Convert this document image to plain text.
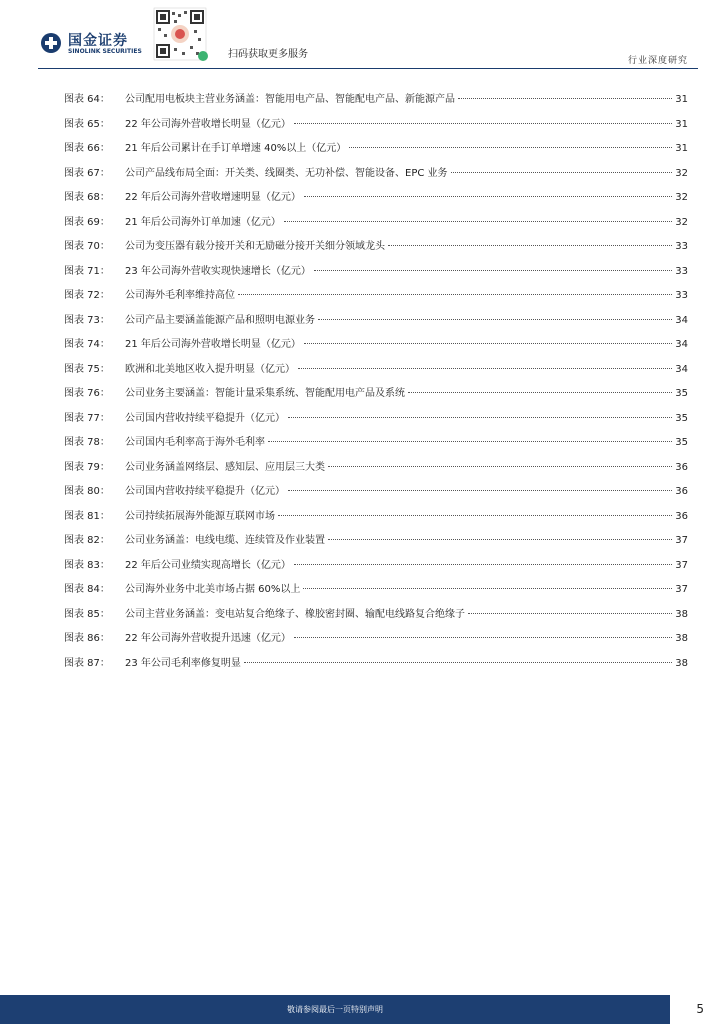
国金证券
SINOLINK SECURITIES	扫码获取更多服务
行业深度研究
图表 64：	公司配用电板块主营业务涵盖：智能用电产品、智能配电产品、新能源产品	31
图表 65：	22 年公司海外营收增长明显（亿元）	31
图表 66：	21 年后公司累计在手订单增速 40%以上（亿元）	31
图表 67：	公司产品线布局全面：开关类、线圈类、无功补偿、智能设备、EPC 业务	32
图表 68：	22 年后公司海外营收增速明显（亿元）	32
图表 69：	21 年后公司海外订单加速（亿元）	32
图表 70：	公司为变压器有载分接开关和无励磁分接开关细分领域龙头	33
图表 71：	23 年公司海外营收实现快速增长（亿元）	33
图表 72：	公司海外毛利率维持高位	33
图表 73：	公司产品主要涵盖能源产品和照明电源业务	34
图表 74：	21 年后公司海外营收增长明显（亿元）	34
图表 75：	欧洲和北美地区收入提升明显（亿元）	34
图表 76：	公司业务主要涵盖：智能计量采集系统、智能配用电产品及系统	35
图表 77：	公司国内营收持续平稳提升（亿元）	35
图表 78：	公司国内毛利率高于海外毛利率	35
图表 79：	公司业务涵盖网络层、感知层、应用层三大类	36
图表 80：	公司国内营收持续平稳提升（亿元）	36
图表 81：	公司持续拓展海外能源互联网市场	36
图表 82：	公司业务涵盖：电线电缆、连续管及作业装置	37
图表 83：	22 年后公司业绩实现高增长（亿元）	37
图表 84：	公司海外业务中北美市场占据 60%以上	37
图表 85：	公司主营业务涵盖：变电站复合绝缘子、橡胶密封圈、输配电线路复合绝缘子	38
图表 86：	22 年公司海外营收提升迅速（亿元）	38
图表 87：	23 年公司毛利率修复明显	38
敬请参阅最后一页特别声明	5
